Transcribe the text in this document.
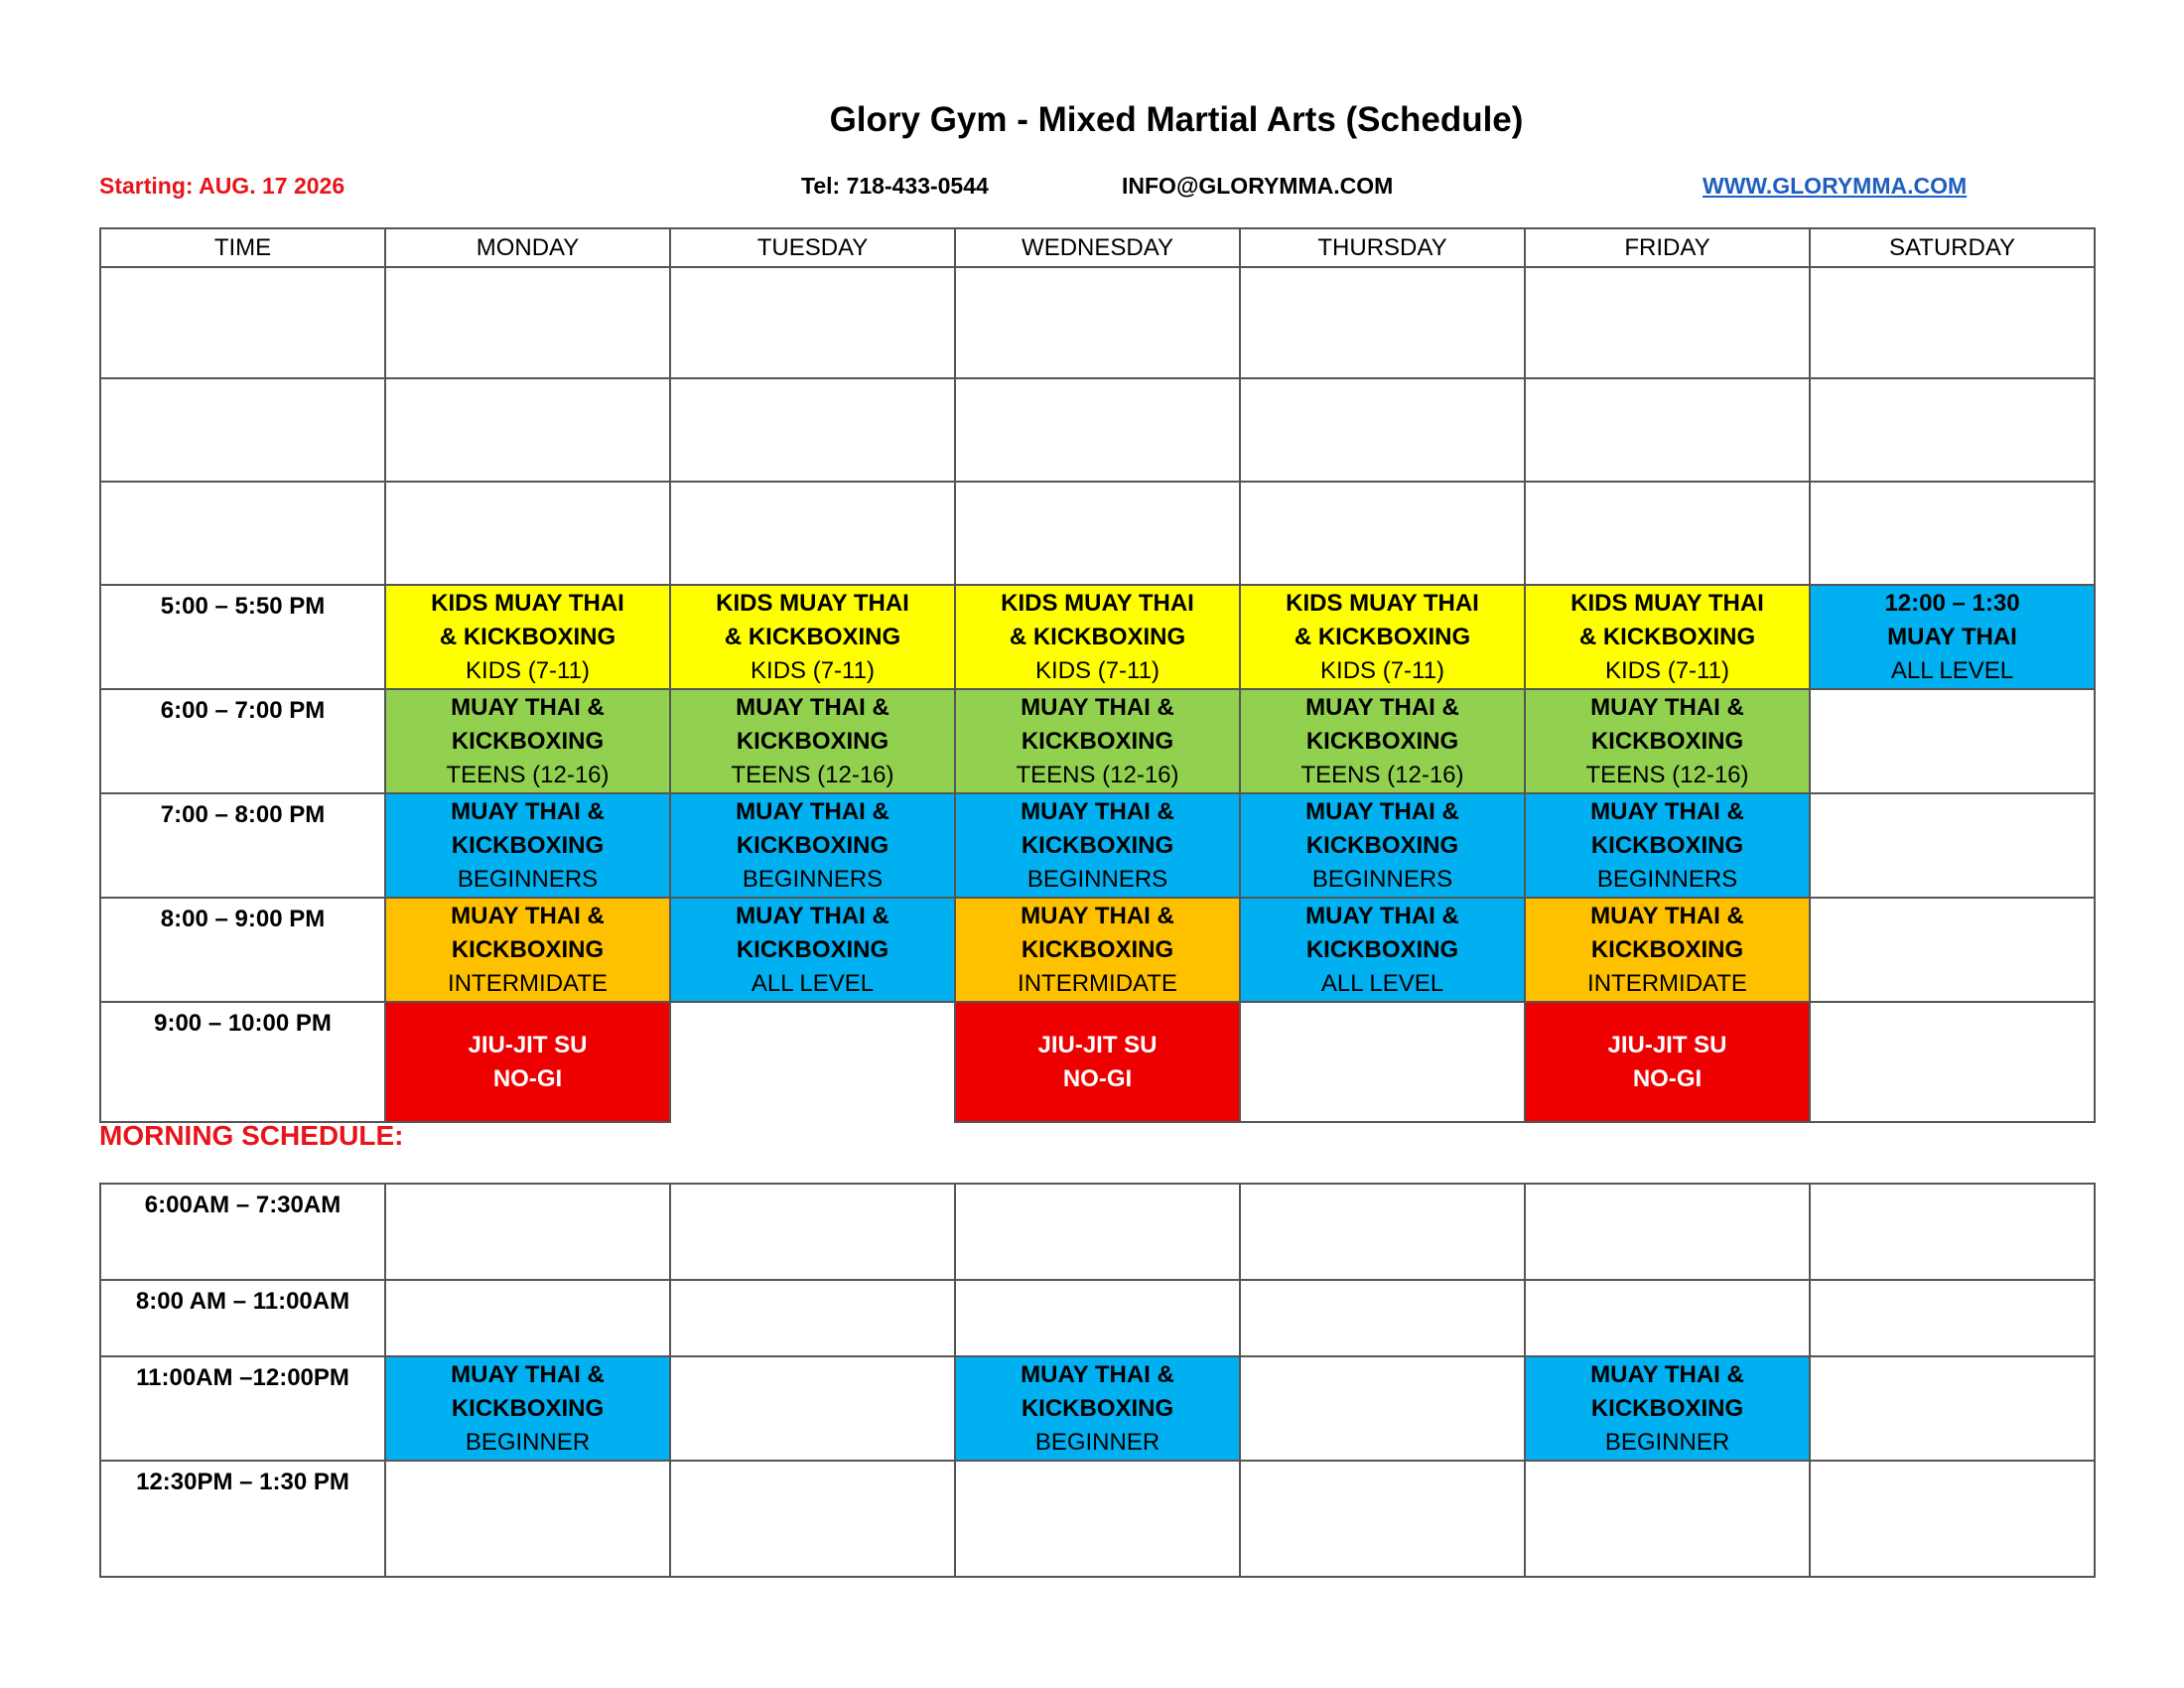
Glory Gym - Mixed Martial Arts (Schedule)
Starting: AUG. 17 2026	Tel: 718-433-0544	INFO@GLORYMMA.COM	WWW.GLORYMMA.COM
TIME	MONDAY	TUESDAY	WEDNESDAY	THURSDAY	FRIDAY	SATURDAY

5:00 – 5:50 PM	KIDS MUAY THAI
& KICKBOXING
KIDS (7-11)	KIDS MUAY THAI
& KICKBOXING
KIDS (7-11)	KIDS MUAY THAI
& KICKBOXING
KIDS (7-11)	KIDS MUAY THAI
& KICKBOXING
KIDS (7-11)	KIDS MUAY THAI
& KICKBOXING
KIDS (7-11)	12:00 – 1:30
MUAY THAI
ALL LEVEL

6:00 – 7:00 PM	MUAY THAI &
KICKBOXING
TEENS (12-16)	MUAY THAI &
KICKBOXING
TEENS (12-16)	MUAY THAI &
KICKBOXING
TEENS (12-16)	MUAY THAI &
KICKBOXING
TEENS (12-16)	MUAY THAI &
KICKBOXING
TEENS (12-16)	

7:00 – 8:00 PM	MUAY THAI &
KICKBOXING
BEGINNERS	MUAY THAI &
KICKBOXING
BEGINNERS	MUAY THAI &
KICKBOXING
BEGINNERS	MUAY THAI &
KICKBOXING
BEGINNERS	MUAY THAI &
KICKBOXING
BEGINNERS	

8:00 – 9:00 PM	MUAY THAI &
KICKBOXING
INTERMIDATE	MUAY THAI &
KICKBOXING
ALL LEVEL	MUAY THAI &
KICKBOXING
INTERMIDATE	MUAY THAI &
KICKBOXING
ALL LEVEL	MUAY THAI &
KICKBOXING
INTERMIDATE	

9:00 – 10:00 PM	JIU-JIT SU
NO-GI		JIU-JIT SU
NO-GI		JIU-JIT SU
NO-GI	

MORNING SCHEDULE:
6:00AM – 7:30AM						
8:00 AM – 11:00AM						
11:00AM –12:00PM	MUAY THAI &
KICKBOXING
BEGINNER		MUAY THAI &
KICKBOXING
BEGINNER		MUAY THAI &
KICKBOXING
BEGINNER	

12:30PM – 1:30 PM						
